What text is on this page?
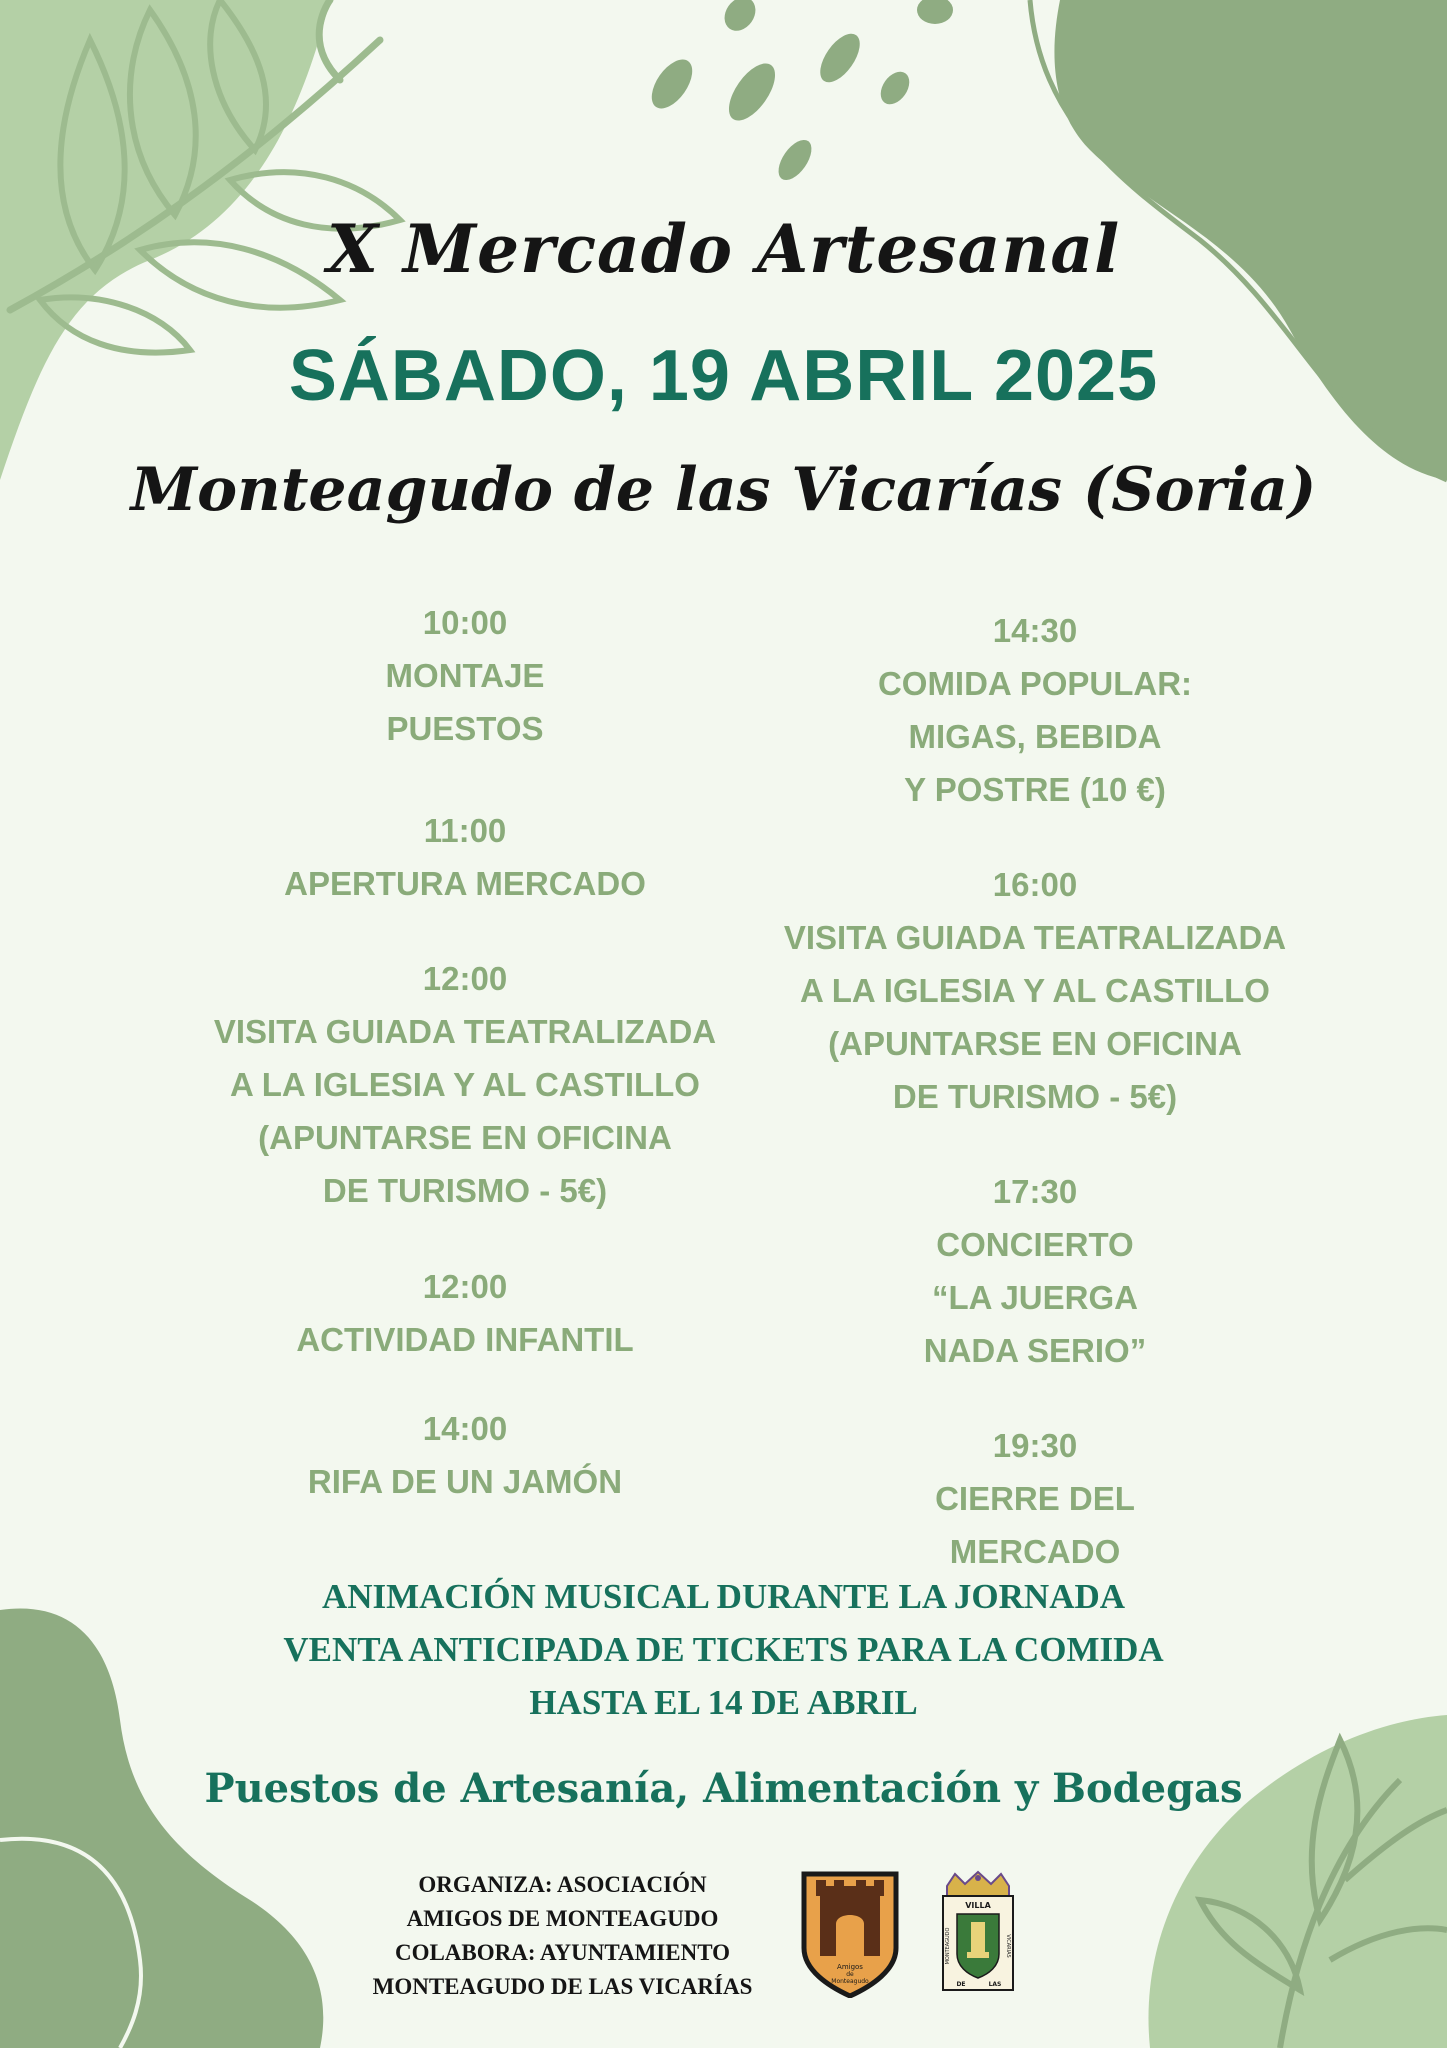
X Mercado Artesanal
SÁBADO, 19 ABRIL 2025
Monteagudo de las Vicarías (Soria)
10:00
MONTAJE
PUESTOS
11:00
APERTURA MERCADO
12:00
VISITA GUIADA TEATRALIZADA
A LA IGLESIA Y AL CASTILLO
(APUNTARSE EN OFICINA
DE TURISMO - 5€)
12:00
ACTIVIDAD INFANTIL
14:00
RIFA DE UN JAMÓN
14:30
COMIDA POPULAR:
MIGAS, BEBIDA
Y POSTRE (10 €)
16:00
VISITA GUIADA TEATRALIZADA
A LA IGLESIA Y AL CASTILLO
(APUNTARSE EN OFICINA
DE TURISMO - 5€)
17:30
CONCIERTO
“LA JUERGA
NADA SERIO”
19:30
CIERRE DEL
MERCADO
ANIMACIÓN MUSICAL DURANTE LA JORNADA
VENTA ANTICIPADA DE TICKETS PARA LA COMIDA
HASTA EL 14 DE ABRIL
Puestos de Artesanía, Alimentación y Bodegas
ORGANIZA: ASOCIACIÓN
AMIGOS DE MONTEAGUDO
COLABORA: AYUNTAMIENTO
MONTEAGUDO DE LAS VICARÍAS
Amigos
de
Monteagudo
VILLA
MONTEAGUDO	VICARIAS
DE	LAS
